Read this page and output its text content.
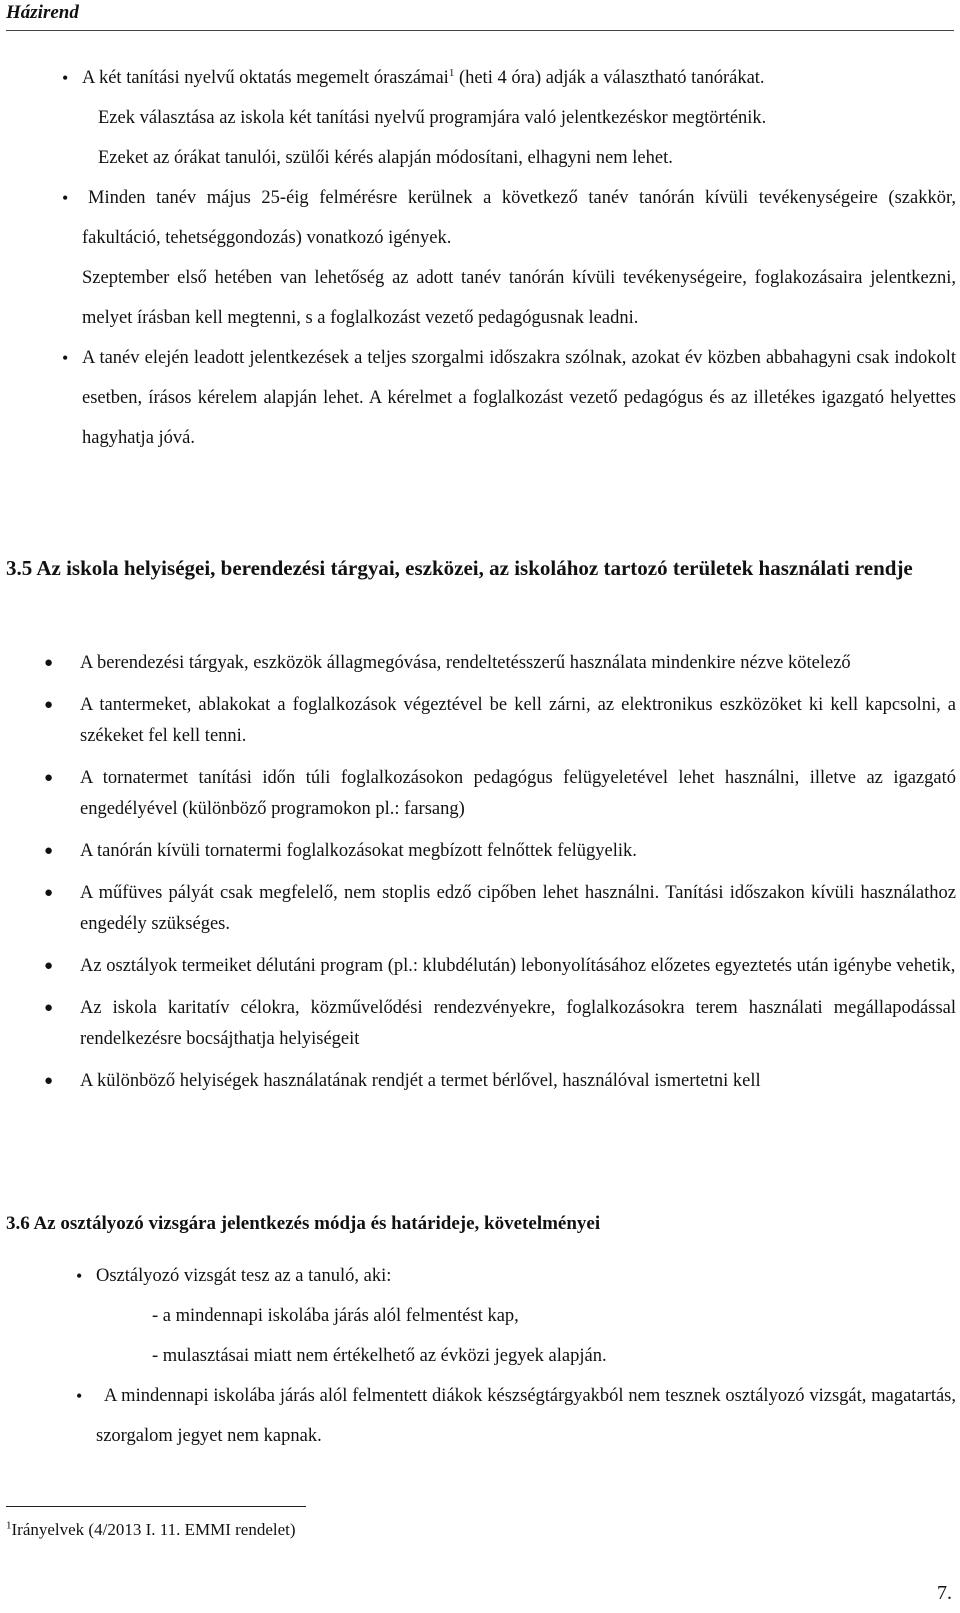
Házirend
• A két tanítási nyelvű oktatás megemelt óraszámai$^1$ (heti 4 óra) adják a választható tanórákat.
Ezek választása az iskola két tanítási nyelvű programjára való jelentkezéskor megtörténik.
Ezeket az órákat tanulói, szülői kérés alapján módosítani, elhagyni nem lehet.
•	Minden tanév május 25-éig felmérésre kerülnek a következő tanév tanórán kívüli tevékenységeire (szakkör, fakultáció, tehetséggondozás) vonatkozó igények.
Szeptember első hetében van lehetőség az adott tanév tanórán kívüli tevékenységeire, foglakozásaira jelentkezni, melyet írásban kell megtenni, s a foglalkozást vezető pedagógusnak leadni.
• A tanév elején leadott jelentkezések a teljes szorgalmi időszakra szólnak, azokat év közben abbahagyni csak indokolt esetben, írásos kérelem alapján lehet. A kérelmet a foglalkozást vezető pedagógus és az illetékes igazgató helyettes hagyhatja jóvá.
3.5 Az iskola helyiségei, berendezési tárgyai, eszközei, az iskolához tartozó területek használati rendje
● A berendezési tárgyak, eszközök állagmegóvása, rendeltetésszerű használata mindenkire nézve kötelező
● A tantermeket, ablakokat a foglalkozások végeztével be kell zárni, az elektronikus eszközöket ki kell kapcsolni, a székeket fel kell tenni.
● A tornatermet tanítási időn túli foglalkozásokon pedagógus felügyeletével lehet használni, illetve az igazgató engedélyével (különböző programokon pl.: farsang)
● A tanórán kívüli tornatermi foglalkozásokat megbízott felnőttek felügyelik.
● A műfüves pályát csak megfelelő, nem stoplis edző cipőben lehet használni. Tanítási időszakon kívüli használathoz engedély szükséges.
● Az osztályok termeiket délutáni program (pl.: klubdélután) lebonyolításához előzetes egyeztetés után igénybe vehetik,
● Az iskola karitatív célokra, közművelődési rendezvényekre, foglalkozásokra terem használati megállapodással rendelkezésre bocsájthatja helyiségeit
● A különböző helyiségek használatának rendjét a termet bérlővel, használóval ismertetni kell
3.6 Az osztályozó vizsgára jelentkezés módja és határideje, követelményei
• Osztályozó vizsgát tesz az a tanuló, aki:
- a mindennapi iskolába járás alól felmentést kap,
- mulasztásai miatt nem értékelhető az évközi jegyek alapján.
•	A mindennapi iskolába járás alól felmentett diákok készségtárgyakból nem tesznek osztályozó vizsgát, magatartás, szorgalom jegyet nem kapnak.
$^1$Irányelvek (4/2013 I. 11. EMMI rendelet)
7.
